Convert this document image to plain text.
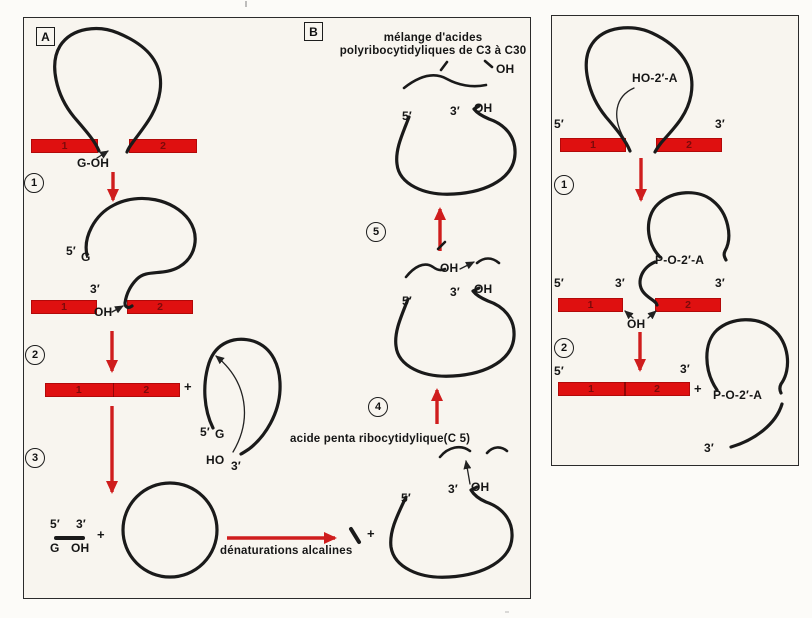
1	2
1	2
1	2
1	2
1	2
1	2
A	B
1
2
3
5
4
1
2
G-OH
5′ G
3′
OH
+
5′ G
HO 3′
5′ 3′
G OH
+
dénaturations alcalines
+
mélange d'acides
polyribocytidyliques de C3 à C30
OH
5′	3′ OH
OH
5′
3′ OH
acide penta ribocytidylique(C 5)
5′
3′ OH
HO-2′-A
5′	3′
P-O-2′-A
5′	3′	3′
OH
5′	3′
+ P-O-2′-A
3′
